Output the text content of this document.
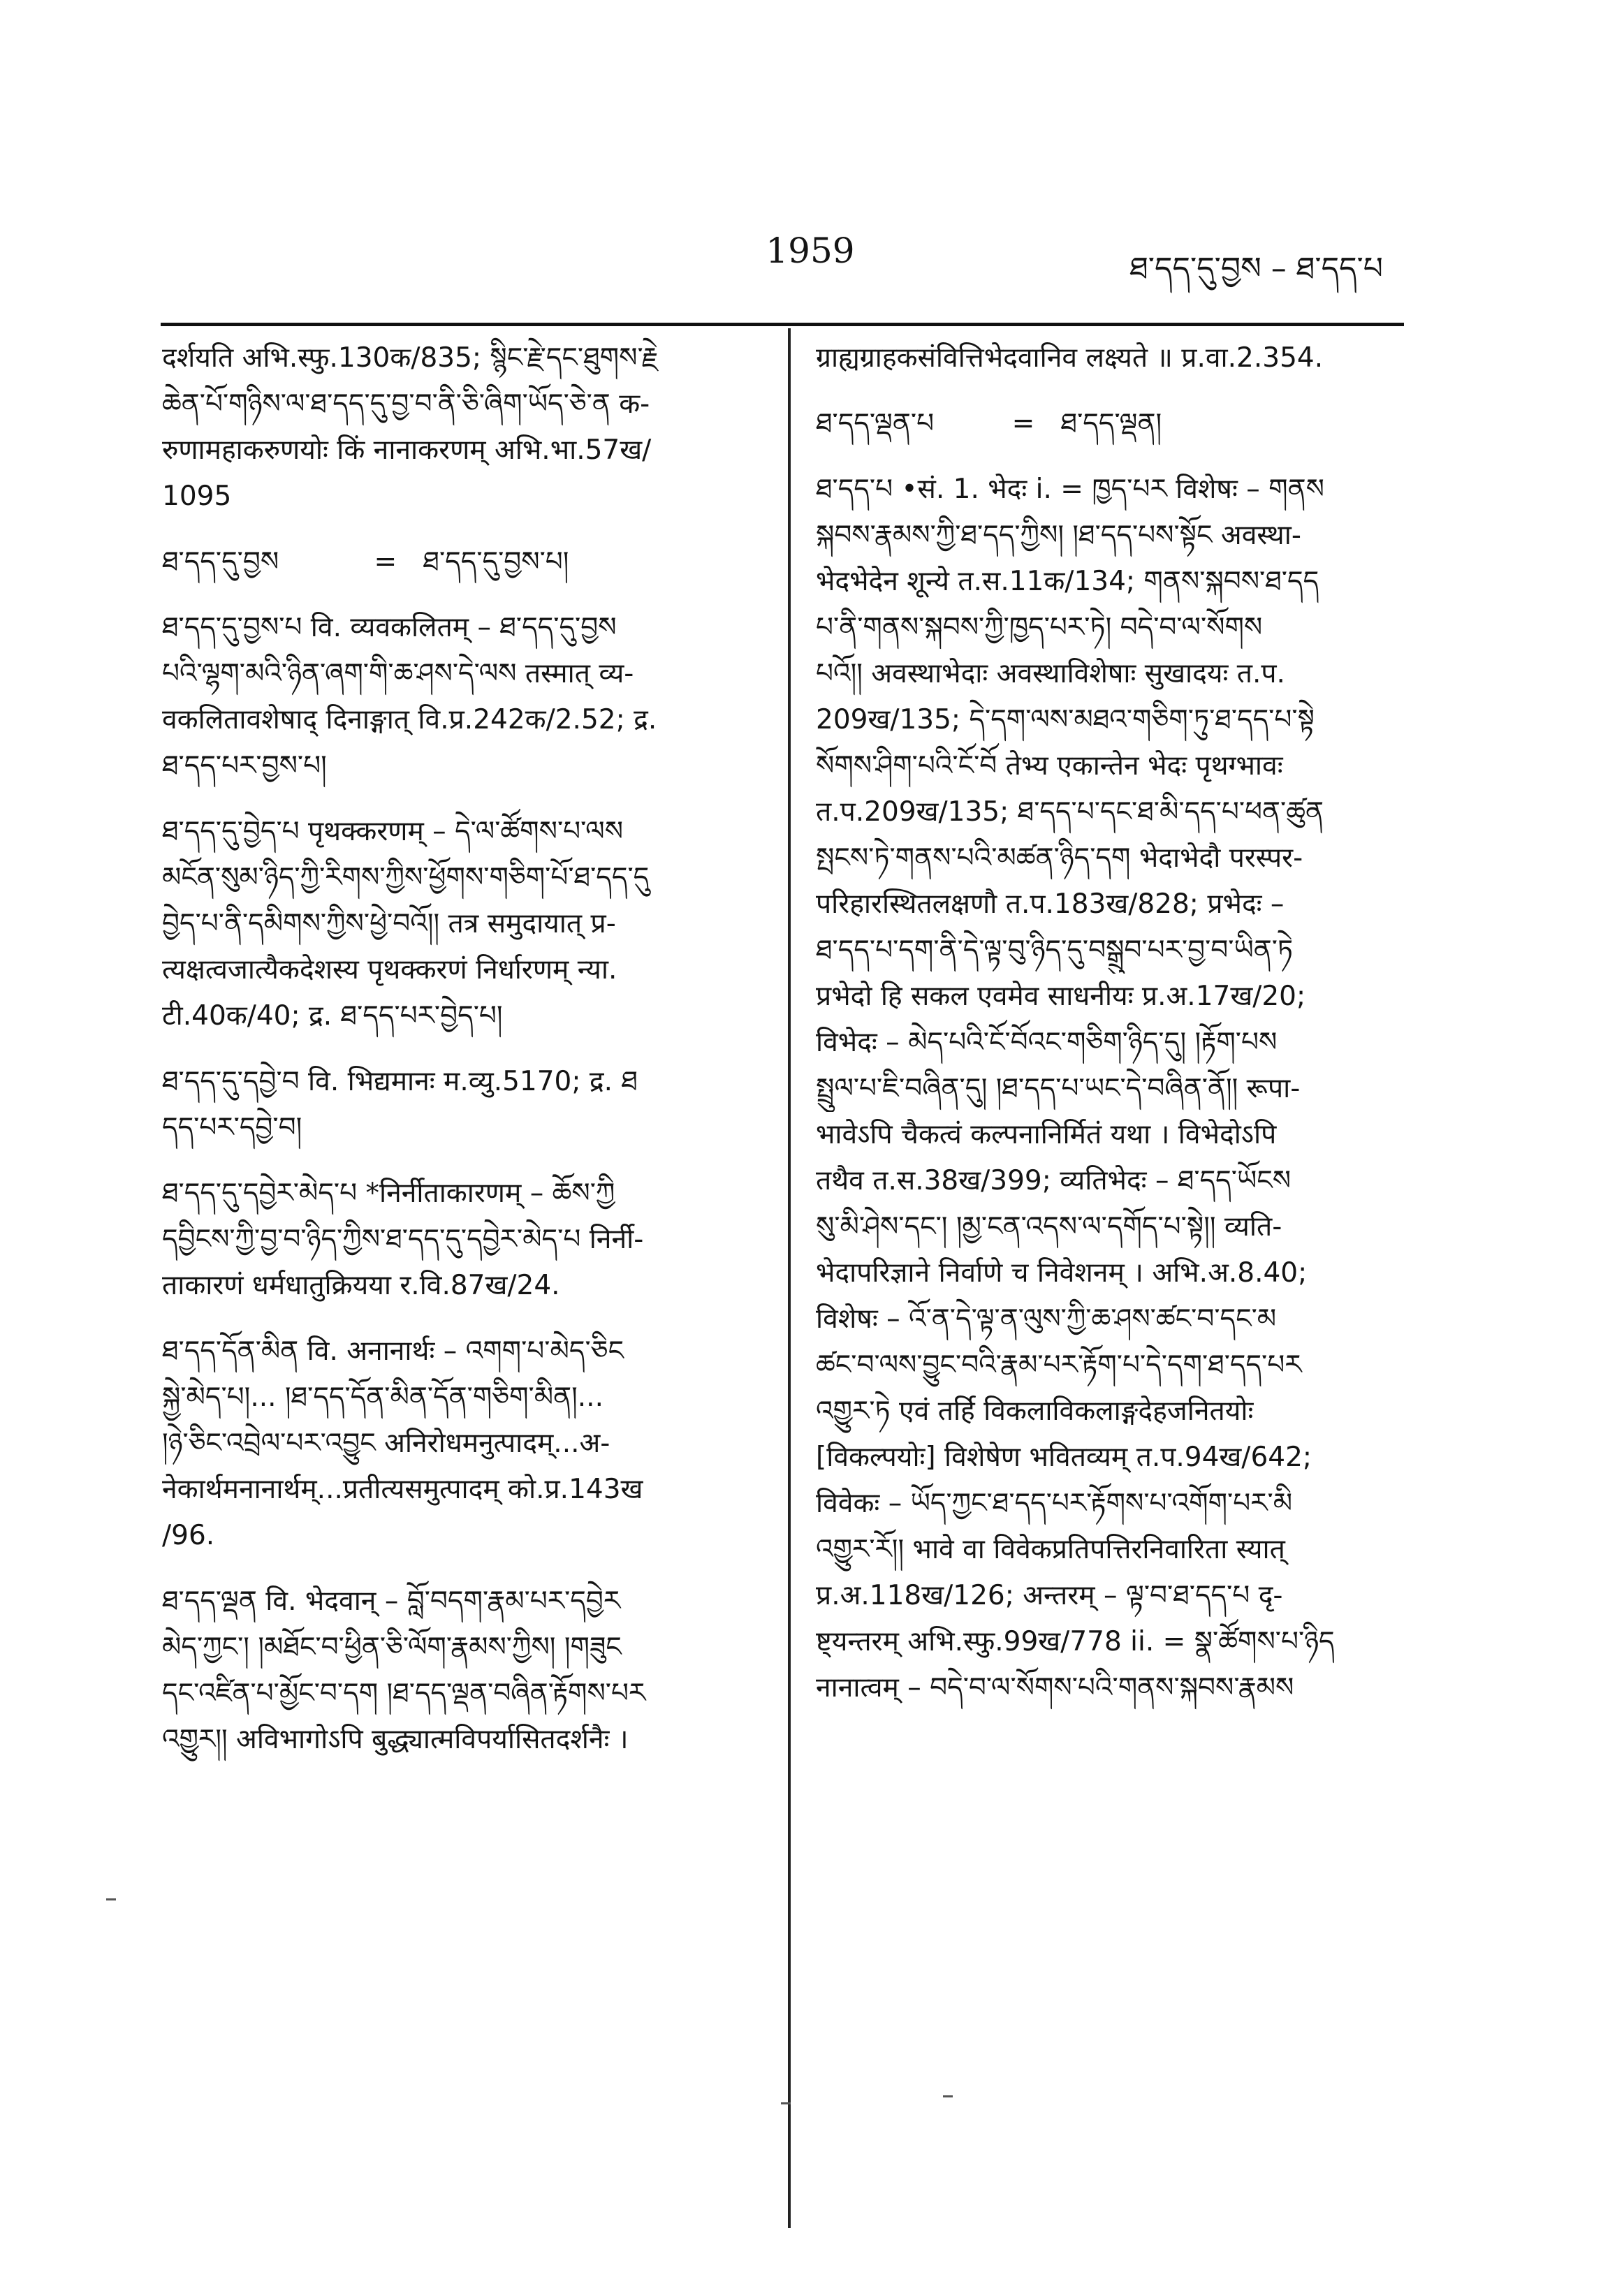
1959	ཐ་དད་དུ་བྱས – ཐ་དད་པ
दर्शयति अभि.स्फु.130क/835; སྙིང་རྗེ་དང་ཐུགས་རྗེ
ཆེན་པོ་གཉིས་ལ་ཐ་དད་དུ་བྱ་བ་ནི་ཅི་ཞིག་ཡོད་ཅེ་ན क-
रुणामहाकरुणयोः किं नानाकरणम् अभि.भा.57ख/
1095
ཐ་དད་དུ་བྱས           =   ཐ་དད་དུ་བྱས་པ།
ཐ་དད་དུ་བྱས་པ वि. व्यवकलितम् – ཐ་དད་དུ་བྱས
པའི་ལྷག་མའི་ཉིན་ཞག་གི་ཆ་ཤས་དེ་ལས तस्मात् व्य-
वकलितावशेषाद् दिनाङ्गात् वि.प्र.242क/2.52; द्र.
ཐ་དད་པར་བྱས་པ།
ཐ་དད་དུ་བྱེད་པ पृथक्करणम् – དེ་ལ་ཚོགས་པ་ལས
མངོན་སུམ་ཉིད་ཀྱི་རིགས་ཀྱིས་ཕྱོགས་གཅིག་པོ་ཐ་དད་དུ
བྱེད་པ་ནི་དམིགས་ཀྱིས་ཕྱེ་བའོ།། तत्र समुदायात् प्र-
त्यक्षत्वजात्यैकदेशस्य पृथक्करणं निर्धारणम् न्या.
टी.40क/40; द्र. ཐ་དད་པར་བྱེད་པ།
ཐ་དད་དུ་དབྱེ་བ वि. भिद्यमानः म.व्यु.5170; द्र. ཐ
དད་པར་དབྱེ་བ།
ཐ་དད་དུ་དབྱེར་མེད་པ *निर्नीताकारणम् – ཆོས་ཀྱི
དབྱིངས་ཀྱི་བྱ་བ་ཉིད་ཀྱིས་ཐ་དད་དུ་དབྱེར་མེད་པ निर्नी-
ताकारणं धर्मधातुक्रियया र.वि.87ख/24.
ཐ་དད་དོན་མིན वि. अनानार्थः – འགག་པ་མེད་ཅིང
སྐྱེ་མེད་པ།... །ཐ་དད་དོན་མིན་དོན་གཅིག་མིན།...
།ཉེ་ཅིང་འབྲེལ་པར་འབྱུང अनिरोधमनुत्पादम्...अ-
नेकार्थमनानार्थम्...प्रतीत्यसमुत्पादम् को.प्र.143ख
/96.
ཐ་དད་ལྡན वि. भेदवान् – བློ་བདག་རྣམ་པར་དབྱེར
མེད་ཀྱང་། །མཐོང་བ་ཕྱིན་ཅི་ལོག་རྣམས་ཀྱིས། །གཟུང
དང་འཛིན་པ་མྱོང་བ་དག །ཐ་དད་ལྡན་བཞིན་རྟོགས་པར
འགྱུར།། अविभागोऽपि बुद्ध्यात्मविपर्यासितदर्शनैः ।
ग्राह्यग्राहकसंवित्तिभेदवानिव लक्ष्यते ॥ प्र.वा.2.354.
ཐ་དད་ལྡན་པ         =   ཐ་དད་ལྡན།
ཐ་དད་པ •सं. 1. भेदः i. = ཁྱད་པར विशेषः – གནས
སྐབས་རྣམས་ཀྱི་ཐ་དད་ཀྱིས། །ཐ་དད་པས་སྟོང अवस्था-
भेदभेदेन शून्ये त.स.11क/134; གནས་སྐབས་ཐ་དད
པ་ནི་གནས་སྐབས་ཀྱི་ཁྱད་པར་ཏེ། བདེ་བ་ལ་སོགས
པའོ།། अवस्थाभेदाः अवस्थाविशेषाः सुखादयः त.प.
209ख/135; དེ་དག་ལས་མཐའ་གཅིག་ཏུ་ཐ་དད་པ་སྟེ
སོགས་ཤིག་པའི་ངོ་བོ तेभ्य एकान्तेन भेदः पृथग्भावः
त.प.209ख/135; ཐ་དད་པ་དང་ཐ་མི་དད་པ་ཕན་ཚུན
སྤངས་ཏེ་གནས་པའི་མཚན་ཉིད་དག भेदाभेदौ परस्पर-
परिहारस्थितलक्षणौ त.प.183ख/828; प्रभेदः –
ཐ་དད་པ་དག་ནི་དེ་ལྟ་བུ་ཉིད་དུ་བསྒྲུབ་པར་བྱ་བ་ཡིན་ཏེ
प्रभेदो हि सकल एवमेव साधनीयः प्र.अ.17ख/20;
विभेदः – མེད་པའི་ངོ་བོའང་གཅིག་ཉིད་དུ། །རྟོག་པས
སྤྲུལ་པ་ཇི་བཞིན་དུ། །ཐ་དད་པ་ཡང་དེ་བཞིན་ནོ།། रूपा-
भावेऽपि चैकत्वं कल्पनानिर्मितं यथा । विभेदोऽपि
तथैव त.स.38ख/399; व्यतिभेदः – ཐ་དད་ཡོངས
སུ་མི་ཤེས་དང་། །མྱ་ངན་འདས་ལ་དགོད་པ་སྟེ།། व्यति-
भेदापरिज्ञाने निर्वाणे च निवेशनम् । अभि.अ.8.40;
विशेषः – འོ་ན་དེ་ལྟ་ན་ལུས་ཀྱི་ཆ་ཤས་ཚང་བ་དང་མ
ཚང་བ་ལས་བྱུང་བའི་རྣམ་པར་རྟོག་པ་དེ་དག་ཐ་དད་པར
འགྱུར་ཏེ एवं तर्हि विकलाविकलाङ्गदेहजनितयोः
[विकल्पयोः] विशेषेण भवितव्यम् त.प.94ख/642;
विवेकः – ཡོད་ཀྱང་ཐ་དད་པར་རྟོགས་པ་འགོག་པར་མི
འགྱུར་རོ།། भावे वा विवेकप्रतिपत्तिरनिवारिता स्यात्
प्र.अ.118ख/126; अन्तरम् – ལྟ་བ་ཐ་དད་པ दृ-
ष्ट्यन्तरम् अभि.स्फु.99ख/778 ii. = སྣ་ཚོགས་པ་ཉིད
नानात्वम् – བདེ་བ་ལ་སོགས་པའི་གནས་སྐབས་རྣམས
